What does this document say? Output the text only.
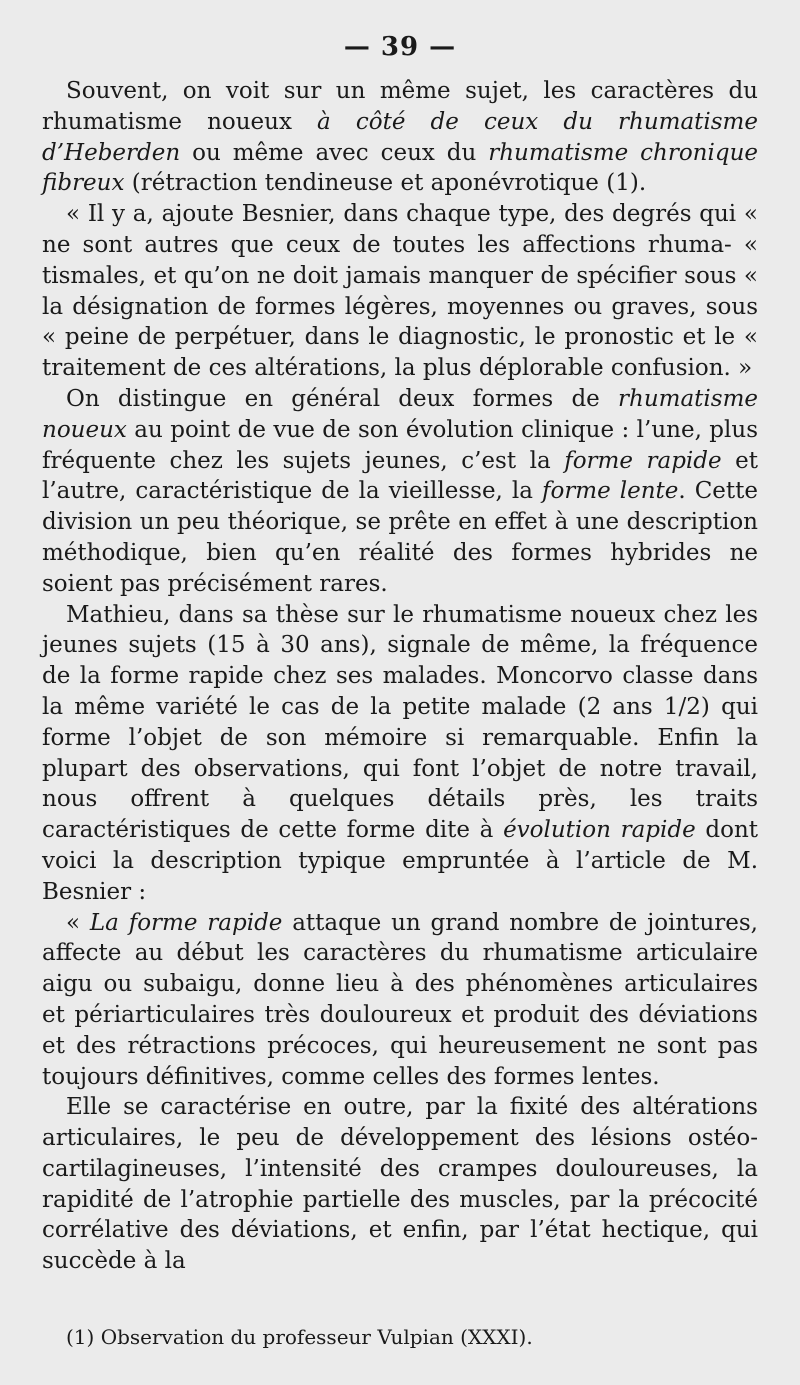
— 39 —

Souvent, on voit sur un même sujet, les caractères du rhumatisme noueux à côté de ceux du rhumatisme d’Heberden ou même avec ceux du rhumatisme chronique fibreux (rétraction tendineuse et aponévrotique (1).

« Il y a, ajoute Besnier, dans chaque type, des degrés qui « ne sont autres que ceux de toutes les affections rhuma- « tismales, et qu’on ne doit jamais manquer de spécifier sous « la désignation de formes légères, moyennes ou graves, sous « peine de perpétuer, dans le diagnostic, le pronostic et le « traitement de ces altérations, la plus déplorable confusion. »

On distingue en général deux formes de rhumatisme noueux au point de vue de son évolution clinique : l’une, plus fréquente chez les sujets jeunes, c’est la forme rapide et l’autre, caractéristique de la vieillesse, la forme lente. Cette division un peu théorique, se prête en effet à une description méthodique, bien qu’en réalité des formes hybrides ne soient pas précisément rares.

Mathieu, dans sa thèse sur le rhumatisme noueux chez les jeunes sujets (15 à 30 ans), signale de même, la fréquence de la forme rapide chez ses malades. Moncorvo classe dans la même variété le cas de la petite malade (2 ans 1/2) qui forme l’objet de son mémoire si remarquable. Enfin la plupart des observations, qui font l’objet de notre travail, nous offrent à quelques détails près, les traits caractéristiques de cette forme dite à évolution rapide dont voici la description typique empruntée à l’article de M. Besnier :

« La forme rapide attaque un grand nombre de jointures, affecte au début les caractères du rhumatisme articulaire aigu ou subaigu, donne lieu à des phénomènes articulaires et périarticulaires très douloureux et produit des déviations et des rétractions précoces, qui heureusement ne sont pas toujours définitives, comme celles des formes lentes.

Elle se caractérise en outre, par la fixité des altérations articulaires, le peu de développement des lésions ostéo-cartilagineuses, l’intensité des crampes douloureuses, la rapidité de l’atrophie partielle des muscles, par la précocité corrélative des déviations, et enfin, par l’état hectique, qui succède à la

(1) Observation du professeur Vulpian (XXXI).
